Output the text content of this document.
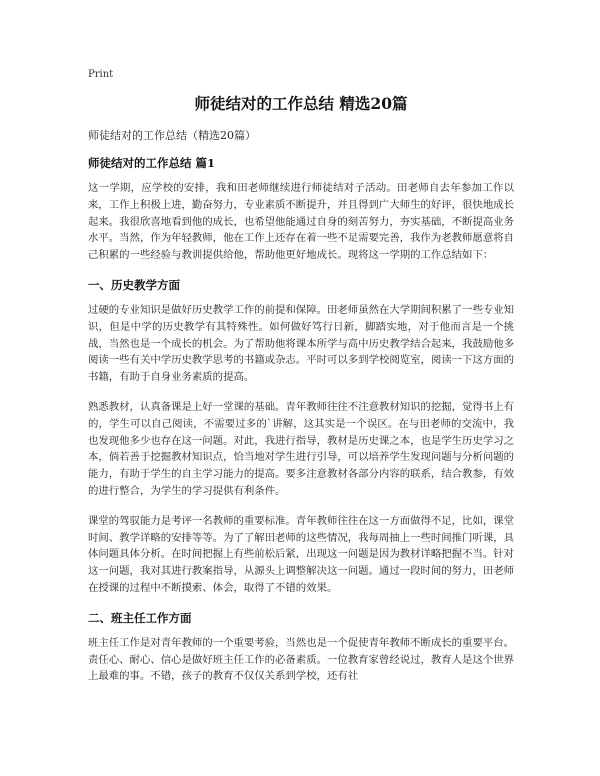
Print
师徒结对的工作总结 精选20篇
师徒结对的工作总结（精选20篇）
师徒结对的工作总结 篇1
这一学期，应学校的安排，我和田老师继续进行师徒结对子活动。田老师自去年参加工作以来，工作上积极上进，勤奋努力，专业素质不断提升，并且得到广大师生的好评，很快地成长起来。我很欣喜地看到他的成长，也希望他能通过自身的刻苦努力，夯实基础，不断提高业务水平。当然，作为年轻教师，他在工作上还存在着一些不足需要完善，我作为老教师愿意将自己积累的一些经验与教训提供给他，帮助他更好地成长。现将这一学期的工作总结如下：
一、历史教学方面
过硬的专业知识是做好历史教学工作的前提和保障。田老师虽然在大学期间积累了一些专业知识，但是中学的历史教学有其特殊性。如何做好笃行日新，脚踏实地，对于他而言是一个挑战，当然也是一个成长的机会。为了帮助他将课本所学与高中历史教学结合起来，我鼓励他多阅读一些有关中学历史教学思考的书籍或杂志。平时可以多到学校阅览室，阅读一下这方面的书籍，有助于自身业务素质的提高。
熟悉教材，认真备课是上好一堂课的基础。青年教师往往不注意教材知识的挖掘，觉得书上有的，学生可以自己阅读，不需要过多的`讲解，这其实是一个误区。在与田老师的交流中，我也发现他多少也存在这一问题。对此，我进行指导，教材是历史课之本，也是学生历史学习之本，倘若善于挖掘教材知识点，恰当地对学生进行引导，可以培养学生发现问题与分析问题的能力，有助于学生的自主学习能力的提高。要多注意教材各部分内容的联系，结合教参，有效的进行整合，为学生的学习提供有利条件。
课堂的驾驭能力是考评一名教师的重要标准。青年教师往往在这一方面做得不足，比如，课堂时间、教学详略的安排等等。为了了解田老师的这些情况，我每周抽上一些时间推门听课，具体问题具体分析。在时间把握上有些前松后紧，出现这一问题是因为教材详略把握不当。针对这一问题，我对其进行教案指导，从源头上调整解决这一问题。通过一段时间的努力，田老师在授课的过程中不断摸索、体会，取得了不错的效果。
二、班主任工作方面
班主任工作是对青年教师的一个重要考验，当然也是一个促使青年教师不断成长的重要平台。责任心、耐心、信心是做好班主任工作的必备素质。一位教育家曾经说过，教育人是这个世界上最难的事。不错，孩子的教育不仅仅关系到学校，还有社
